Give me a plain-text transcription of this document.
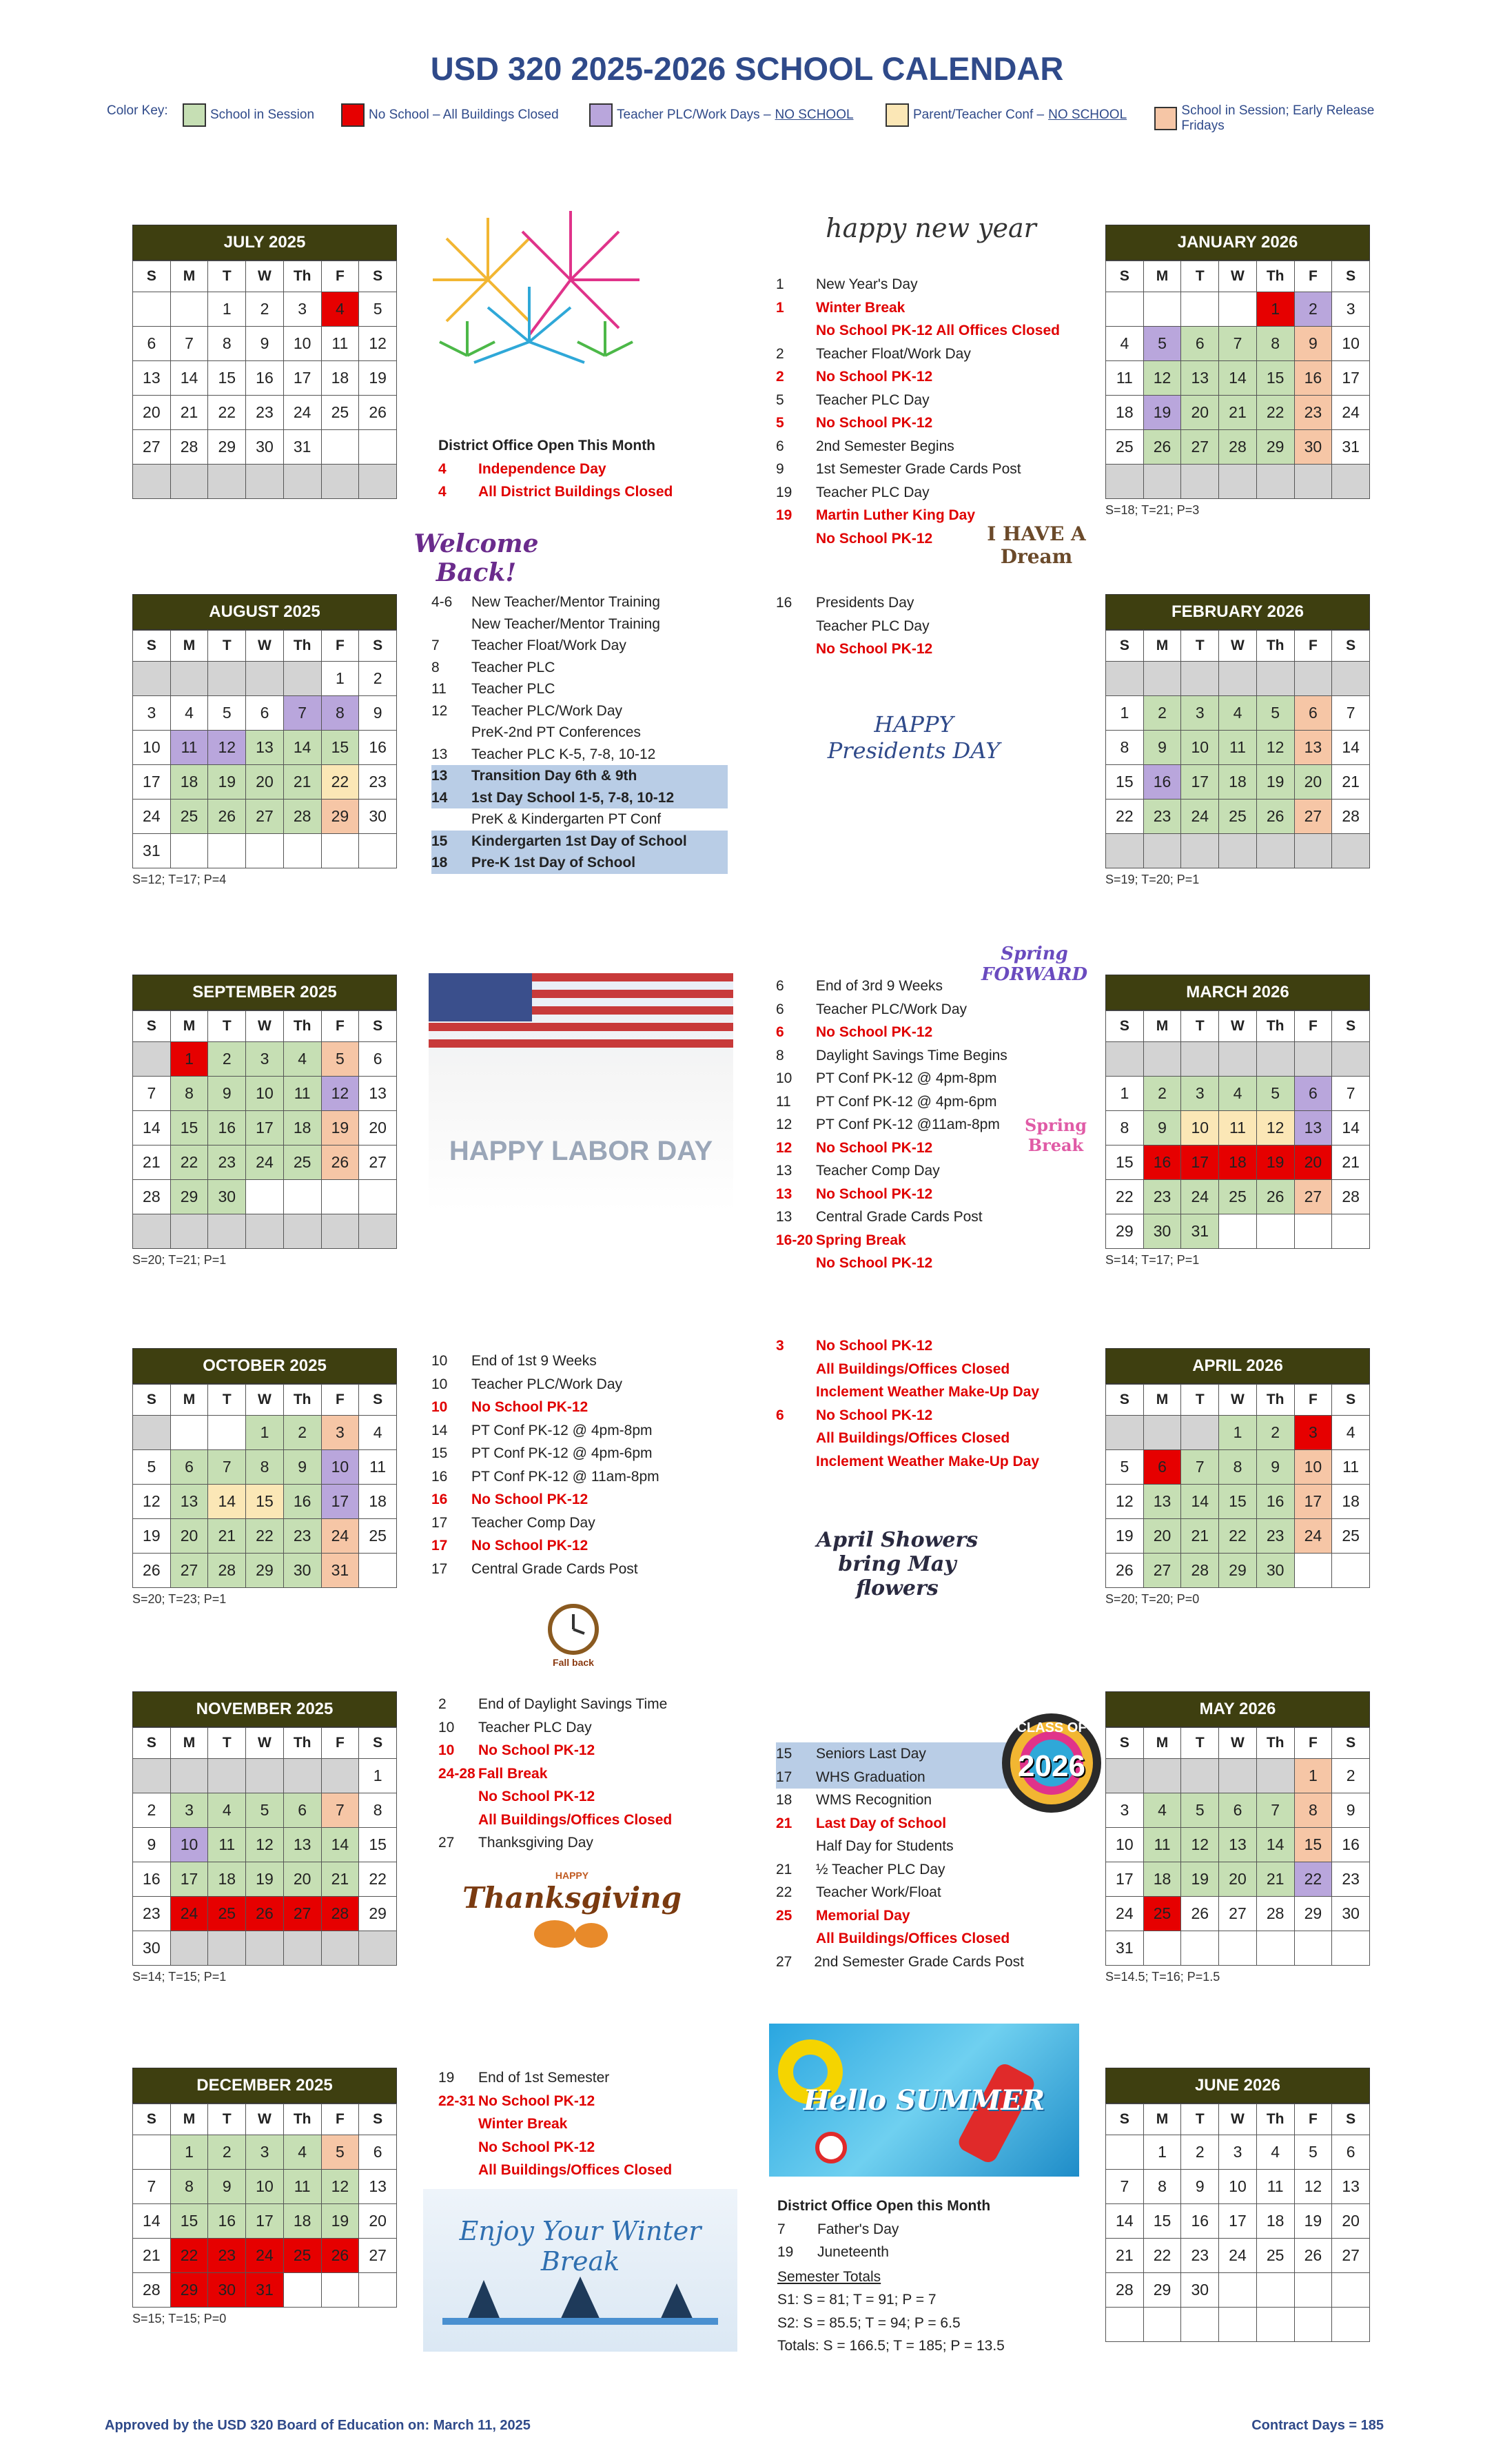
USD 320 2025-2026 SCHOOL CALENDAR
Color Key:	School in Session	No School – All Buildings Closed	Teacher PLC/Work Days – NO SCHOOL	Parent/Teacher Conf – NO SCHOOL	School in Session; Early Release Fridays
JULY 2025
S	M	T	W	Th	F	S
		1	2	3	4	5
6	7	8	9	10	11	12
13	14	15	16	17	18	19
20	21	22	23	24	25	26
27	28	29	30	31		

AUGUST 2025
S	M	T	W	Th	F	S
					1	2
3	4	5	6	7	8	9
10	11	12	13	14	15	16
17	18	19	20	21	22	23
24	25	26	27	28	29	30
31						
S=12; T=17; P=4
SEPTEMBER 2025
S	M	T	W	Th	F	S
	1	2	3	4	5	6
7	8	9	10	11	12	13
14	15	16	17	18	19	20
21	22	23	24	25	26	27
28	29	30				

S=20; T=21; P=1
OCTOBER 2025
S	M	T	W	Th	F	S
			1	2	3	4
5	6	7	8	9	10	11
12	13	14	15	16	17	18
19	20	21	22	23	24	25
26	27	28	29	30	31	
S=20; T=23; P=1
NOVEMBER 2025
S	M	T	W	Th	F	S
						1
2	3	4	5	6	7	8
9	10	11	12	13	14	15
16	17	18	19	20	21	22
23	24	25	26	27	28	29
30						
S=14; T=15; P=1
DECEMBER 2025
S	M	T	W	Th	F	S
	1	2	3	4	5	6
7	8	9	10	11	12	13
14	15	16	17	18	19	20
21	22	23	24	25	26	27
28	29	30	31			
S=15; T=15; P=0
JANUARY 2026
S	M	T	W	Th	F	S
				1	2	3
4	5	6	7	8	9	10
11	12	13	14	15	16	17
18	19	20	21	22	23	24
25	26	27	28	29	30	31

S=18; T=21; P=3
FEBRUARY 2026
S	M	T	W	Th	F	S

1	2	3	4	5	6	7
8	9	10	11	12	13	14
15	16	17	18	19	20	21
22	23	24	25	26	27	28

S=19; T=20; P=1
MARCH 2026
S	M	T	W	Th	F	S

1	2	3	4	5	6	7
8	9	10	11	12	13	14
15	16	17	18	19	20	21
22	23	24	25	26	27	28
29	30	31				
S=14; T=17; P=1
APRIL 2026
S	M	T	W	Th	F	S
			1	2	3	4
5	6	7	8	9	10	11
12	13	14	15	16	17	18
19	20	21	22	23	24	25
26	27	28	29	30		
S=20; T=20; P=0
MAY 2026
S	M	T	W	Th	F	S
					1	2
3	4	5	6	7	8	9
10	11	12	13	14	15	16
17	18	19	20	21	22	23
24	25	26	27	28	29	30
31						
S=14.5; T=16; P=1.5
JUNE 2026
S	M	T	W	Th	F	S
	1	2	3	4	5	6
7	8	9	10	11	12	13
14	15	16	17	18	19	20
21	22	23	24	25	26	27
28	29	30				

District Office Open This Month
4	Independence Day
4	All District Buildings Closed
4-6	New Teacher/Mentor Training
New Teacher/Mentor Training
7	Teacher Float/Work Day
8	Teacher PLC
11	Teacher PLC
12	Teacher PLC/Work Day
PreK-2nd PT Conferences
13	Teacher PLC K-5, 7-8, 10-12
13	Transition Day 6th & 9th
14	1st Day School 1-5, 7-8, 10-12
PreK & Kindergarten PT Conf
15	Kindergarten 1st Day of School
18	Pre-K 1st Day of School
10	End of 1st 9 Weeks
10	Teacher PLC/Work Day
10	No School PK-12
14	PT Conf PK-12 @ 4pm-8pm
15	PT Conf PK-12 @ 4pm-6pm
16	PT Conf PK-12 @ 11am-8pm
16	No School PK-12
17	Teacher Comp Day
17	No School PK-12
17	Central Grade Cards Post
2	End of Daylight Savings Time
10	Teacher PLC Day
10	No School PK-12
24-28 Fall Break
No School PK-12
All Buildings/Offices Closed
27	Thanksgiving Day
19	End of 1st Semester
22-31 No School PK-12
Winter Break
No School PK-12
All Buildings/Offices Closed
1	New Year's Day
1	Winter Break
No School PK-12 All Offices Closed
2	Teacher Float/Work Day
2	No School PK-12
5	Teacher PLC Day
5	No School PK-12
6	2nd Semester Begins
9	1st Semester Grade Cards Post
19	Teacher PLC Day
19	Martin Luther King Day
No School PK-12
16	Presidents Day
Teacher PLC Day
No School PK-12
6	End of 3rd 9 Weeks
6	Teacher PLC/Work Day
6	No School PK-12
8	Daylight Savings Time Begins
10	PT Conf PK-12 @ 4pm-8pm
11	PT Conf PK-12 @ 4pm-6pm
12	PT Conf PK-12 @11am-8pm
12	No School PK-12
13	Teacher Comp Day
13	No School PK-12
13	Central Grade Cards Post
16-20 Spring Break
No School PK-12
3	No School PK-12
All Buildings/Offices Closed
Inclement Weather Make-Up Day
6	No School PK-12
All Buildings/Offices Closed
Inclement Weather Make-Up Day
15	Seniors Last Day
17	WHS Graduation
18	WMS Recognition
21	Last Day of School
Half Day for Students
21	½ Teacher PLC Day
22	Teacher Work/Float
25	Memorial Day
All Buildings/Offices Closed
27	2nd Semester Grade Cards Post
District Office Open this Month
7	Father's Day
19	Juneteenth
Semester Totals
S1: S = 81; T = 91; P = 7
S2: S = 85.5; T = 94; P = 6.5
Totals: S = 166.5; T = 185; P = 13.5
Welcome Back!
happy new year
I HAVE A Dream
HAPPY Presidents DAY
HAPPY LABOR DAY
Spring FORWARD
Spring Break
Fall back
April Showers bring May flowers
CLASS OF
2026
HAPPY
Thanksgiving
Hello SUMMER
Enjoy Your Winter Break
Approved by the USD 320 Board of Education on: March 11, 2025	Contract Days = 185
